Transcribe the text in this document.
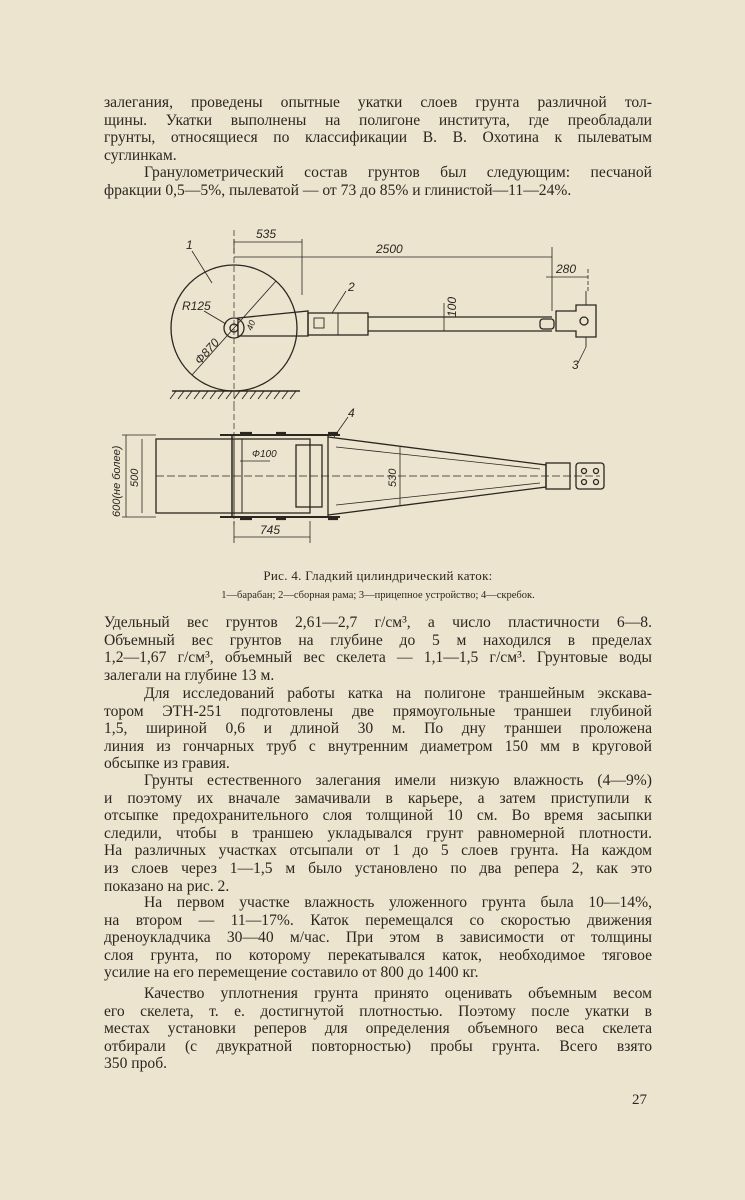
залегания, проведены опытные укатки слоев грунта различной тол-
щины. Укатки выполнены на полигоне института, где преобладали
грунты, относящиеся по классификации В. В. Охотина к пылеватым
суглинкам.
Гранулометрический состав грунтов был следующим: песчаной
фракции 0,5—5%, пылеватой — от 73 до 85% и глинистой—11—24%.
535
2500
280
100
R125
Ф870
40
1
2
3
4
Ф100
600(не более) 500	530
745
Рис. 4. Гладкий цилиндрический каток:
1—барабан; 2—сборная рама; 3—прицепное устройство; 4—скребок.
Удельный вес грунтов 2,61—2,7 г/см³, а число пластичности 6—8.
Объемный вес грунтов на глубине до 5 м находился в пределах
1,2—1,67 г/см³, объемный вес скелета — 1,1—1,5 г/см³. Грунтовые воды
залегали на глубине 13 м.
Для исследований работы катка на полигоне траншейным экскава-
тором ЭТН-251 подготовлены две прямоугольные траншеи глубиной
1,5, шириной 0,6 и длиной 30 м. По дну траншеи проложена
линия из гончарных труб с внутренним диаметром 150 мм в круговой
обсыпке из гравия.
Грунты естественного залегания имели низкую влажность (4—9%)
и поэтому их вначале замачивали в карьере, а затем приступили к
отсыпке предохранительного слоя толщиной 10 см. Во время засыпки
следили, чтобы в траншею укладывался грунт равномерной плотности.
На различных участках отсыпали от 1 до 5 слоев грунта. На каждом
из слоев через 1—1,5 м было установлено по два репера 2, как это
показано на рис. 2.
На первом участке влажность уложенного грунта была 10—14%,
на втором — 11—17%. Каток перемещался со скоростью движения
дреноукладчика 30—40 м/час. При этом в зависимости от толщины
слоя грунта, по которому перекатывался каток, необходимое тяговое
усилие на его перемещение составило от 800 до 1400 кг.
Качество уплотнения грунта принято оценивать объемным весом
его скелета, т. е. достигнутой плотностью. Поэтому после укатки в
местах установки реперов для определения объемного веса скелета
отбирали (с двукратной повторностью) пробы грунта. Всего взято
350 проб.
27
